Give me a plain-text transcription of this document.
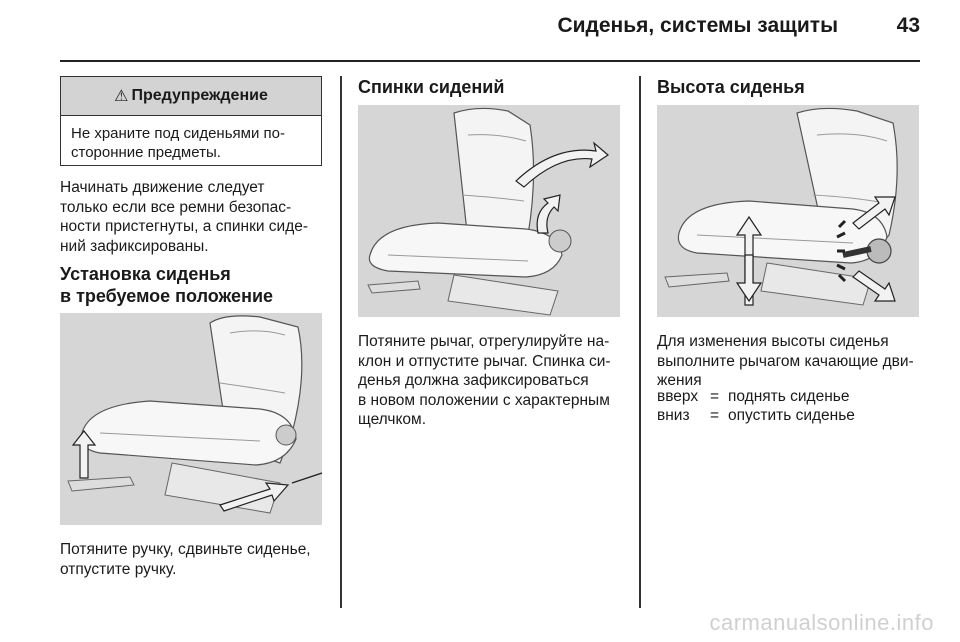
Сиденья, системы защиты	43
⚠ Предупреждение
Не храните под сиденьями по-
сторонние предметы.
Начинать движение следует
только если все ремни безопас-
ности пристегнуты, а спинки сиде-
ний зафиксированы.
Установка сиденья
в требуемое положение
Потяните ручку, сдвиньте сиденье,
отпустите ручку.
Спинки сидений
Потяните рычаг, отрегулируйте на-
клон и отпустите рычаг. Спинка си-
денья должна зафиксироваться
в новом положении с характерным
щелчком.
Высота сиденья
Для изменения высоты сиденья
выполните рычагом качающие дви-
жения
вверх = поднять сиденье
вниз	= опустить сиденье
carmanualsonline.info
